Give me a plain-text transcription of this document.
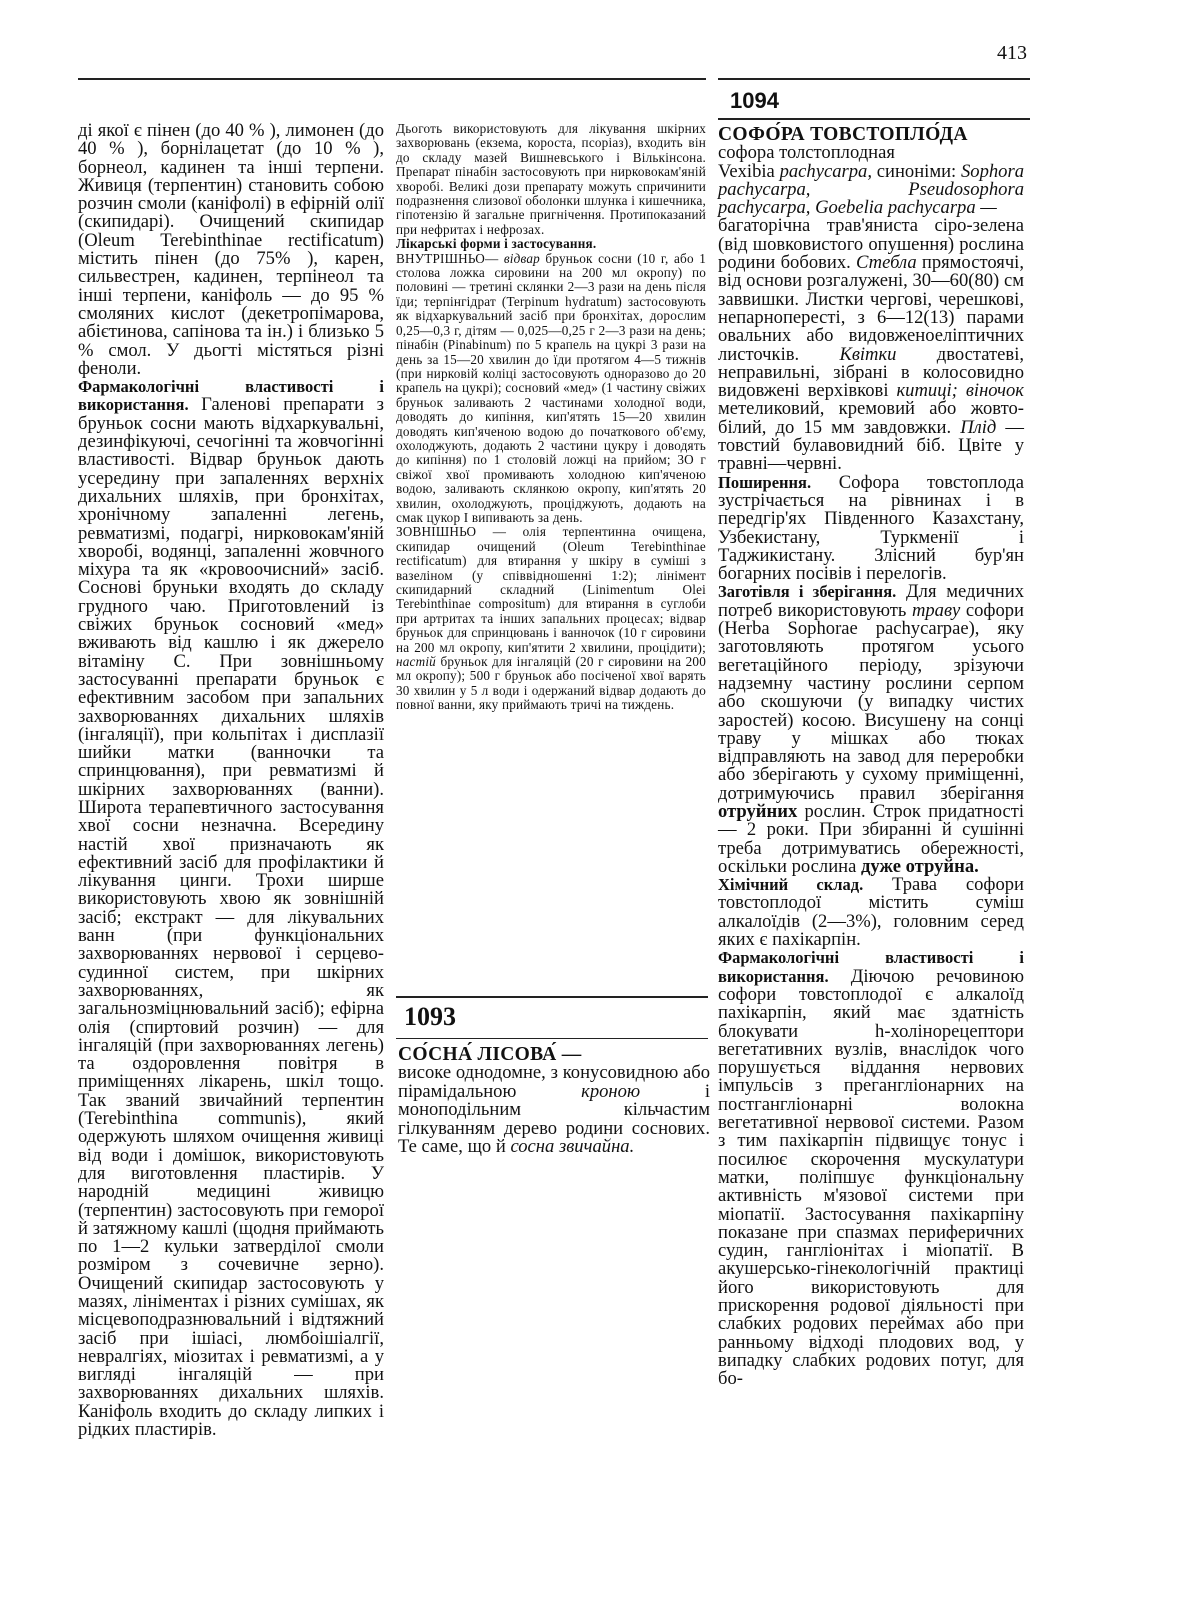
413
1094

ді якої є пінен (до 40 % ), лимонен (до 40 % ), борнілацетат (до 10 % ), борнеол, кадинен та інші терпени. Живиця (терпентин) становить собою розчин смоли (каніфолі) в ефірній олії (скипидарі). Очищений скипидар (Oleum Terebinthinae rectificatum) містить пінен (до 75% ), карен, сильвестрен, кадинен, терпінеол та інші терпени, каніфоль — до 95 % смоляних кислот (декетропімарова, абієтинова, сапінова та ін.) і близько 5 % смол. У дьогті містяться різні феноли.

Фармакологічні властивості і використання. Галенові препарати з бруньок сосни мають відхаркувальні, дезинфікуючі, сечогінні та жовчогінні властивості. Відвар бруньок дають усередину при запаленнях верхніх дихальних шляхів, при бронхітах, хронічному запаленні легень, ревматизмі, подагрі, нирковокам'яній хворобі, водянці, запаленні жовчного міхура та як «кровоочисний» засіб. Соснові бруньки входять до складу грудного чаю. Приготовлений із свіжих бруньок сосновий «мед» вживають від кашлю і як джерело вітаміну С. При зовнішньому застосуванні препарати бруньок є ефективним засобом при запальних захворюваннях дихальних шляхів (інгаляції), при кольпітах і дисплазії шийки матки (ванночки та спринцювання), при ревматизмі й шкірних захворюваннях (ванни). Широта терапевтичного застосування хвої сосни незначна. Всередину настій хвої призначають як ефективний засіб для профілактики й лікування цинги. Трохи ширше використовують хвою як зовнішній засіб; екстракт — для лікувальних ванн (при функціональних захворюваннях нервової і серцево-судинної систем, при шкірних захворюваннях, як загальнозміцнювальний засіб); ефірна олія (спиртовий розчин) — для інгаляцій (при захворюваннях легень) та оздоровлення повітря в приміщеннях лікарень, шкіл тощо. Так званий звичайний терпентин (Terebinthina communis), який одержують шляхом очищення живиці від води і домішок, використовують для виготовлення пластирів. У народній медицині живицю (терпентин) застосовують при геморої й затяжному кашлі (щодня приймають по 1—2 кульки затверділої смоли розміром з сочевичне зерно). Очищений скипидар застосовують у мазях, лініментах і різних сумішах, як місцевоподразнювальний і відтяжний засіб при ішіасі, люмбоішіалгії, невралгіях, міозитах і ревматизмі, а у вигляді інгаляцій — при захворюваннях дихальних шляхів. Каніфоль входить до складу липких і рідких пластирів.

Дьоготь використовують для лікування шкірних захворювань (екзема, короста, псоріаз), входить він до складу мазей Вишневського і Вількінсона. Препарат пінабін застосовують при нирковокам'яній хворобі. Великі дози препарату можуть спричинити подразнення слизової оболонки шлунка і кишечника, гіпотензію й загальне пригнічення. Протипоказаний при нефритах і нефрозах.

Лікарські форми і застосування.

ВНУТРІШНЬО— відвар бруньок сосни (10 г, або 1 столова ложка сировини на 200 мл окропу) по половині — третині склянки 2—3 рази на день після їди; терпінгідрат (Terpinum hydratum) застосовують як відхаркувальний засіб при бронхітах, дорослим 0,25—0,3 г, дітям — 0,025—0,25 г 2—3 рази на день; пінабін (Pinabinum) по 5 крапель на цукрі 3 рази на день за 15—20 хвилин до їди протягом 4—5 тижнів (при нирковій коліці застосовують одноразово до 20 крапель на цукрі); сосновий «мед» (1 частину свіжих бруньок заливають 2 частинами холодної води, доводять до кипіння, кип'ятять 15—20 хвилин доводять кип'яченою водою до початкового об'єму, охолоджують, додають 2 частини цукру і доводять до кипіння) по 1 столовій ложці на прийом; 3О г свіжої хвої промивають холодною кип'яченою водою, заливають склянкою окропу, кип'ятять 20 хвилин, охолоджують, проціджують, додають на смак цукор І випивають за день.

ЗОВНІШНЬО — олія терпентинна очищена, скипидар очищений (Oleum Terebinthinae rectificatum) для втирання у шкіру в суміші з вазеліном (у співвідношенні 1:2); лінімент скипидарний складний (Linimentum Olei Terebinthinae compositum) для втирання в суглоби при артритах та інших запальних процесах; відвар бруньок для спринцювань і ванночок (10 г сировини на 200 мл окропу, кип'ятити 2 хвилини, процідити); настій бруньок для інгаляцій (20 г сировини на 200 мл окропу); 500 г бруньок або посіченої хвої варять 30 хвилин у 5 л води і одержаний відвар додають до повної ванни, яку приймають тричі на тиждень.

1093
СО́СНА́ ЛІСОВА́ —

високе однодомне, з конусовидною або пірамідальною кроною і моноподільним кільчастим гілкуванням дерево родини соснових. Те саме, що й сосна звичайна.

СОФО́РА ТОВСТОПЛО́ДА

софора толстоплодная

Vexibia pachycarpa, синоніми: Sophora pachycarpa, Pseudosophora pachycarpa, Goebelia pachycarpa —

багаторічна трав'яниста сіро-зелена (від шовковистого опушення) рослина родини бобових. Стебла прямостоячі, від основи розгалужені, 30—60(80) см заввишки. Листки чергові, черешкові, непарнопересті, з 6—12(13) парами овальних або видовженоеліптичних листочків. Квітки двостатеві, неправильні, зібрані в колосовидно видовжені верхівкові китиці; віночок метеликовий, кремовий або жовто-білий, до 15 мм завдовжки. Плід — товстий булавовидний біб. Цвіте у травні—червні.

Поширення. Софора товстоплода зустрічається на рівнинах і в передгір'ях Південного Казахстану, Узбекистану, Туркменії і Таджикистану. Злісний бур'ян богарних посівів і перелогів.

Заготівля і зберігання. Для медичних потреб використовують траву софори (Herba Sophorae pachycarpae), яку заготовляють протягом усього вегетаційного періоду, зрізуючи надземну частину рослини серпом або скошуючи (у випадку чистих заростей) косою. Висушену на сонці траву у мішках або тюках відправляють на завод для переробки або зберігають у сухому приміщенні, дотримуючись правил зберігання отруйних рослин. Строк придатності — 2 роки. При збиранні й сушінні треба дотримуватись обережності, оскільки рослина дуже отруйна.

Хімічний склад. Трава софори товстоплодої містить суміш алкалоїдів (2—3%), головним серед яких є пахікарпін.

Фармакологічні властивості і використання. Діючою речовиною софори товстоплодої є алкалоїд пахікарпін, який має здатність блокувати h-холінорецептори вегетативних вузлів, внаслідок чого порушується віддання нервових імпульсів з прегангліонарних на постгангліонарні волокна вегетативної нервової системи. Разом з тим пахікарпін підвищує тонус і посилює скорочення мускулатури матки, поліпшує функціональну активність м'язової системи при міопатії. Застосування пахікарпіну показане при спазмах периферичних судин, гангліонітах і міопатії. В акушерсько-гінекологічній практиці його використовують для прискорення родової діяльності при слабких родових переймах або при ранньому відході плодових вод, у випадку слабких родових потуг, для бо-
